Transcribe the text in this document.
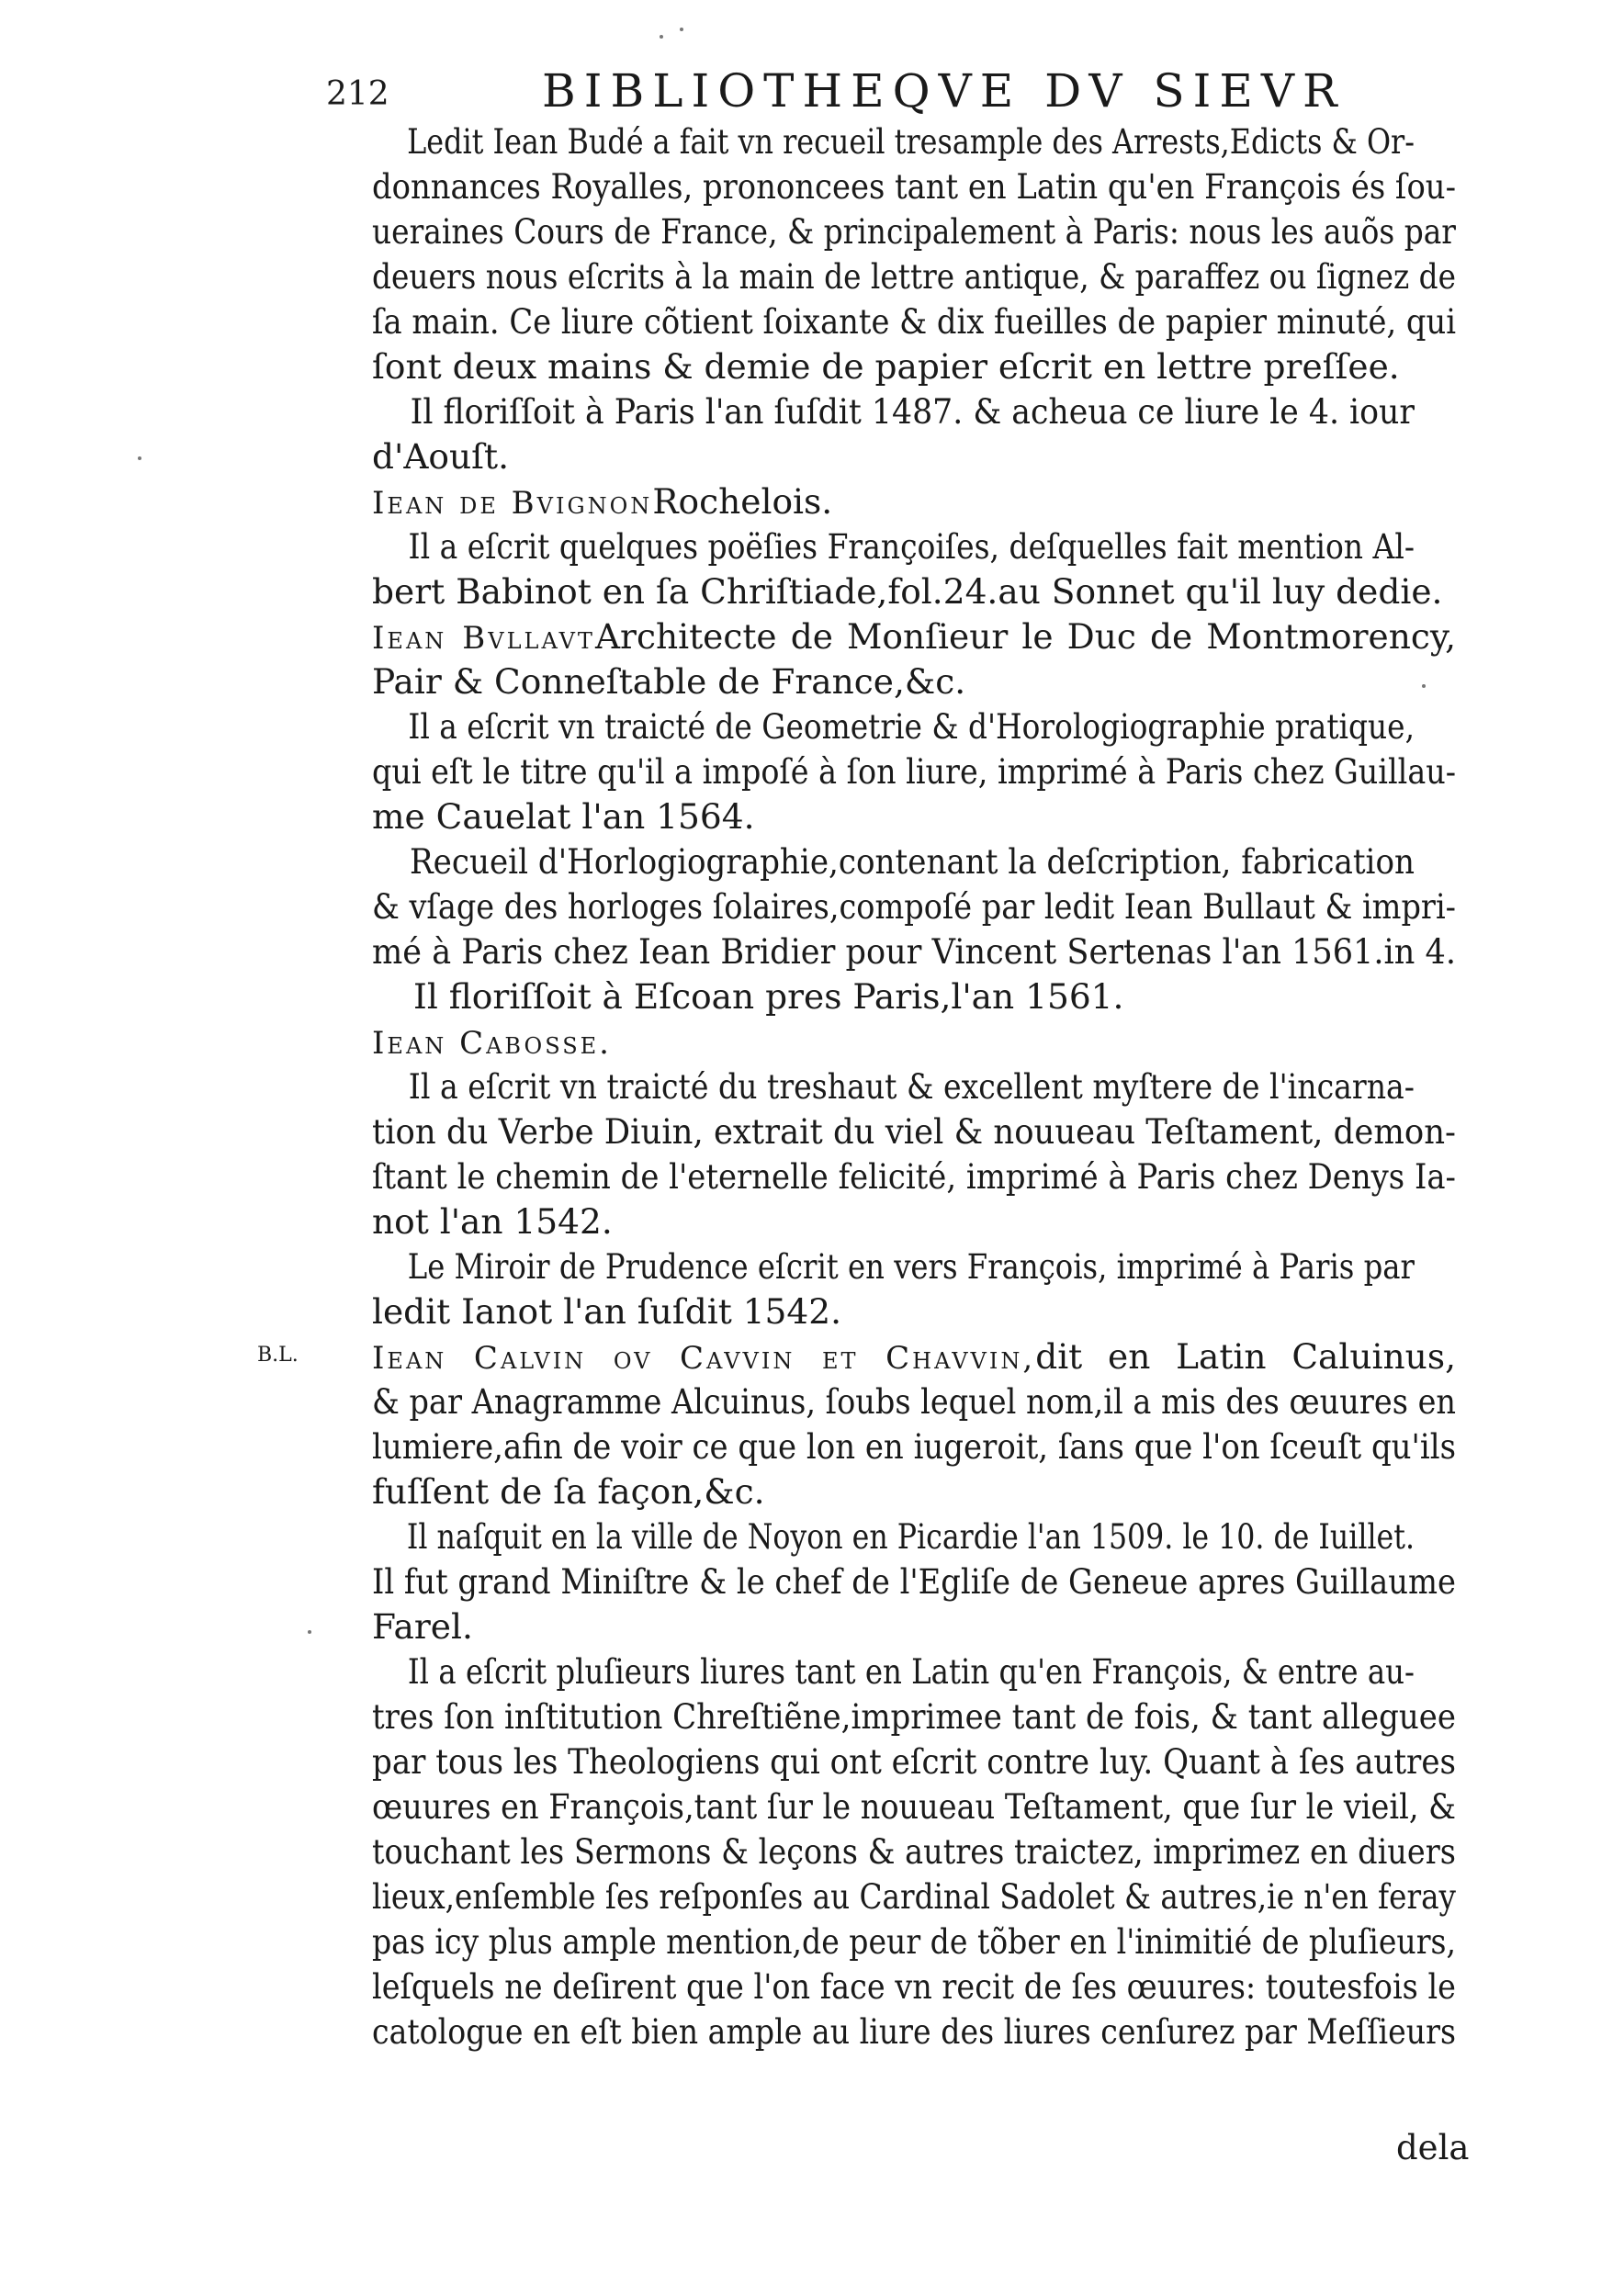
212	BIBLIOTHEQVE DV SIEVR
B.L.
Ledit Iean Budé a fait vn recueil tresample des Arrests,Edicts & Or-
donnances Royalles, prononcees tant en Latin qu'en François és ſou-
ueraines Cours de France, & principalement à Paris: nous les auõs par
deuers nous eſcrits à la main de lettre antique, & paraffez ou ſignez de
ſa main. Ce liure cõtient ſoixante & dix fueilles de papier minuté, qui
ſont deux mains & demie de papier eſcrit en lettre preſſee.
Il floriſſoit à Paris l'an ſuſdit 1487. & acheua ce liure le 4. iour
d'Aouſt.
Iean de BvignonRochelois.
Il a eſcrit quelques poëſies Françoiſes, deſquelles fait mention Al-
bert Babinot en ſa Chriſtiade,fol.24.au Sonnet qu'il luy dedie.
Iean BvllavtArchitecte de Monſieur le Duc de Montmorency,
Pair & Conneſtable de France,&c.
Il a eſcrit vn traicté de Geometrie & d'Horologiographie pratique,
qui eſt le titre qu'il a impoſé à ſon liure, imprimé à Paris chez Guillau-
me Cauelat l'an 1564.
Recueil d'Horlogiographie,contenant la deſcription, fabrication
& vſage des horloges ſolaires,compoſé par ledit Iean Bullaut & impri-
mé à Paris chez Iean Bridier pour Vincent Sertenas l'an 1561.in 4.
Il floriſſoit à Eſcoan pres Paris,l'an 1561.
Iean Cabosse.
Il a eſcrit vn traicté du treshaut & excellent myſtere de l'incarna-
tion du Verbe Diuin, extrait du viel & nouueau Teſtament, demon-
ſtant le chemin de l'eternelle felicité, imprimé à Paris chez Denys Ia-
not l'an 1542.
Le Miroir de Prudence eſcrit en vers François, imprimé à Paris par
ledit Ianot l'an ſuſdit 1542.
Iean Calvin ov Cavvin et Chavvin,dit en Latin Caluinus,
& par Anagramme Alcuinus, ſoubs lequel nom,il a mis des œuures en
lumiere,afin de voir ce que lon en iugeroit, ſans que l'on ſceuſt qu'ils
fuſſent de ſa façon,&c.
Il naſquit en la ville de Noyon en Picardie l'an 1509. le 10. de Iuillet.
Il fut grand Miniſtre & le chef de l'Egliſe de Geneue apres Guillaume
Farel.
Il a eſcrit pluſieurs liures tant en Latin qu'en François, & entre au-
tres ſon inſtitution Chreſtiẽne,imprimee tant de fois, & tant alleguee
par tous les Theologiens qui ont eſcrit contre luy. Quant à ſes autres
œuures en François,tant ſur le nouueau Teſtament, que ſur le vieil, &
touchant les Sermons & leçons & autres traictez, imprimez en diuers
lieux,enſemble ſes reſponſes au Cardinal Sadolet & autres,ie n'en feray
pas icy plus ample mention,de peur de tõber en l'inimitié de pluſieurs,
leſquels ne deſirent que l'on face vn recit de ſes œuures: toutesfois le
catologue en eſt bien ample au liure des liures cenſurez par Meſſieurs
dela
